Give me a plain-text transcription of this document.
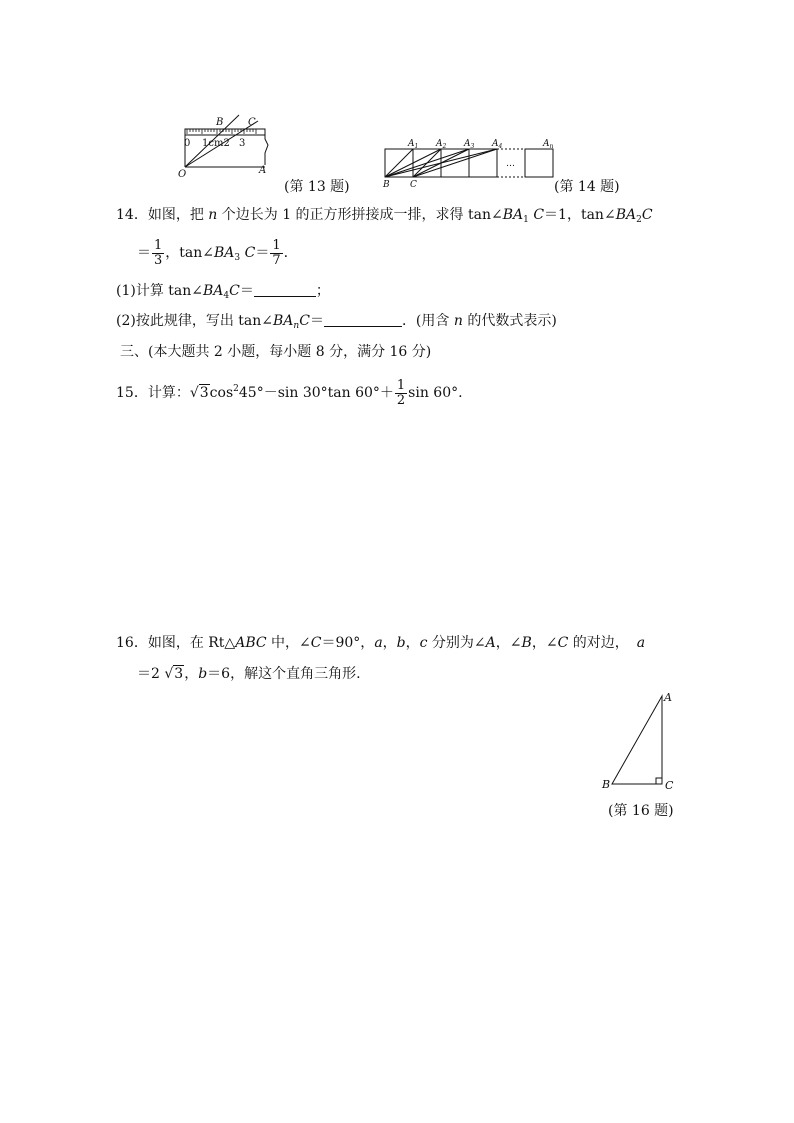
B C
O	A
0 1cm2 3
(第 13 题)
…
$A_1$ $A_2$ $A_3$ $A_4$	$A_n$
B C	(第 14 题)
14．如图，把 n 个边长为 1 的正方形拼接成一排，求得 $\tan\angle BA_1$ C＝1，$\tan\angle BA_2C$
＝ $\frac{1}{3}$ ，$\tan\angle BA_3$ $C= \frac{1}{7}$ .
(1)计算 $\tan\angle BA_4C=$	；
(2)按此规律，写出 $\tan\angle BA_nC=$	．(用含 n 的代数式表示)
三、(本大题共 2 小题，每小题 8 分，满分 16 分)
15．计算：$√3\cos^245^\circ-\sin$ 30°tan $60^\circ+ \frac{1}{2}$ sin 60°.
16．如图，在 Rt△ABC 中，∠C＝90°，a，b，c 分别为∠A，∠B，∠C 的对边， a
＝2 √3，b＝6，解这个直角三角形.
A
B	C
(第 16 题)
